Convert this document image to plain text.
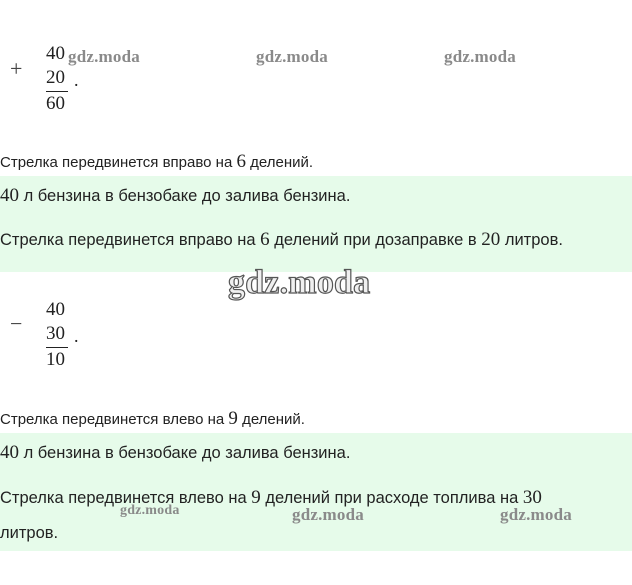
+
40
20
60
.
Стрелка передвинется вправо на 6 делений.

40 л бензина в бензобаке до залива бензина.

Стрелка передвинется вправо на 6 делений при дозаправке в 20 литров.

−
40
30
10
.
Стрелка передвинется влево на 9 делений.

40 л бензина в бензобаке до залива бензина.

Стрелка передвинется влево на 9 делений при расходе топлива на 30

литров.

gdz.moda	gdz.moda	gdz.moda
gdz.moda
gdz.moda	gdz.moda	gdz.moda
